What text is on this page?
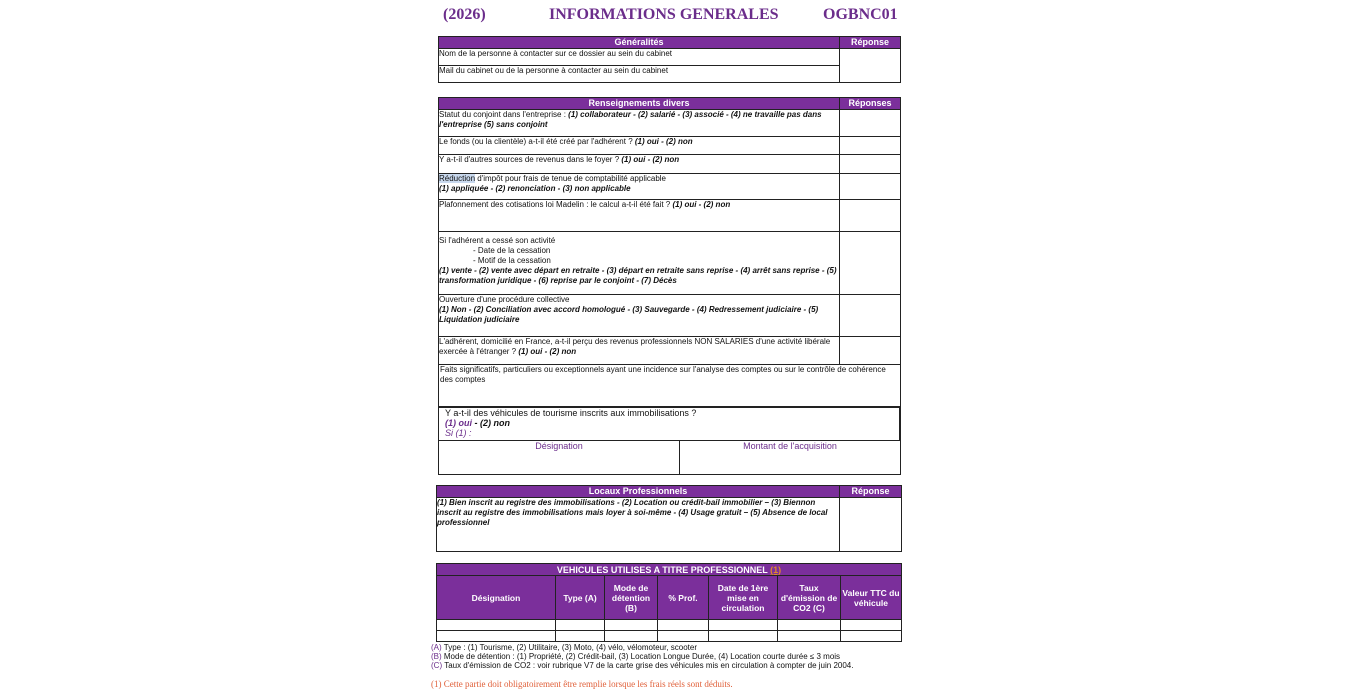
(2026)	INFORMATIONS GENERALES	OGBNC01
Généralités	Réponse
Nom de la personne à contacter sur ce dossier au sein du cabinet	
Mail du cabinet ou de la personne à contacter au sein du cabinet	
Renseignements divers	Réponses
Statut du conjoint dans l'entreprise : (1) collaborateur - (2) salarié - (3) associé - (4) ne travaille pas dans l'entreprise (5) sans conjoint	
Le fonds (ou la clientèle) a-t-il été créé par l'adhérent ? (1) oui - (2) non	
Y a-t-il d'autres sources de revenus dans le foyer ? (1) oui - (2) non	
Réduction d'impôt pour frais de tenue de comptabilité applicable
(1) appliquée - (2) renonciation - (3) non applicable	
Plafonnement des cotisations loi Madelin : le calcul a-t-il été fait ? (1) oui - (2) non	
Si l'adhérent a cessé son activité
- Date de la cessation
- Motif de la cessation
(1) vente - (2) vente avec départ en retraite - (3) départ en retraite sans reprise - (4) arrêt sans reprise - (5) transformation juridique - (6) reprise par le conjoint - (7) Décès	
Ouverture d'une procédure collective
(1) Non - (2) Conciliation avec accord homologué - (3) Sauvegarde - (4) Redressement judiciaire - (5) Liquidation judiciaire	
L'adhérent, domicilié en France, a-t-il perçu des revenus professionnels NON SALARIES d'une activité libérale exercée à l'étranger ? (1) oui - (2) non	
Faits significatifs, particuliers ou exceptionnels ayant une incidence sur l'analyse des comptes ou sur le contrôle de cohérence des comptes	
Y a-t-il des véhicules de tourisme inscrits aux immobilisations ?
(1) oui - (2) non
Si (1) :		
Désignation	Montant de l'acquisition	
Locaux Professionnels	Réponse
(1) Bien inscrit au registre des immobilisations - (2) Location ou crédit-bail immobilier – (3) Biennon inscrit au registre des immobilisations mais loyer à soi-même - (4) Usage gratuit – (5) Absence de local professionnel	
VEHICULES UTILISES A TITRE PROFESSIONNEL (1)						
Désignation	Type (A)	Mode de détention (B)	% Prof.	Date de 1ère mise en circulation	Taux d'émission de CO2 (C)	Valeur TTC du véhicule

(A) Type : (1) Tourisme, (2) Utilitaire, (3) Moto, (4) vélo, vélomoteur, scooter
(B) Mode de détention : (1) Propriété, (2) Crédit-bail, (3) Location Longue Durée, (4) Location courte durée ≤ 3 mois
(C) Taux d'émission de CO2 : voir rubrique V7 de la carte grise des véhicules mis en circulation à compter de juin 2004.
(1) Cette partie doit obligatoirement être remplie lorsque les frais réels sont déduits.
